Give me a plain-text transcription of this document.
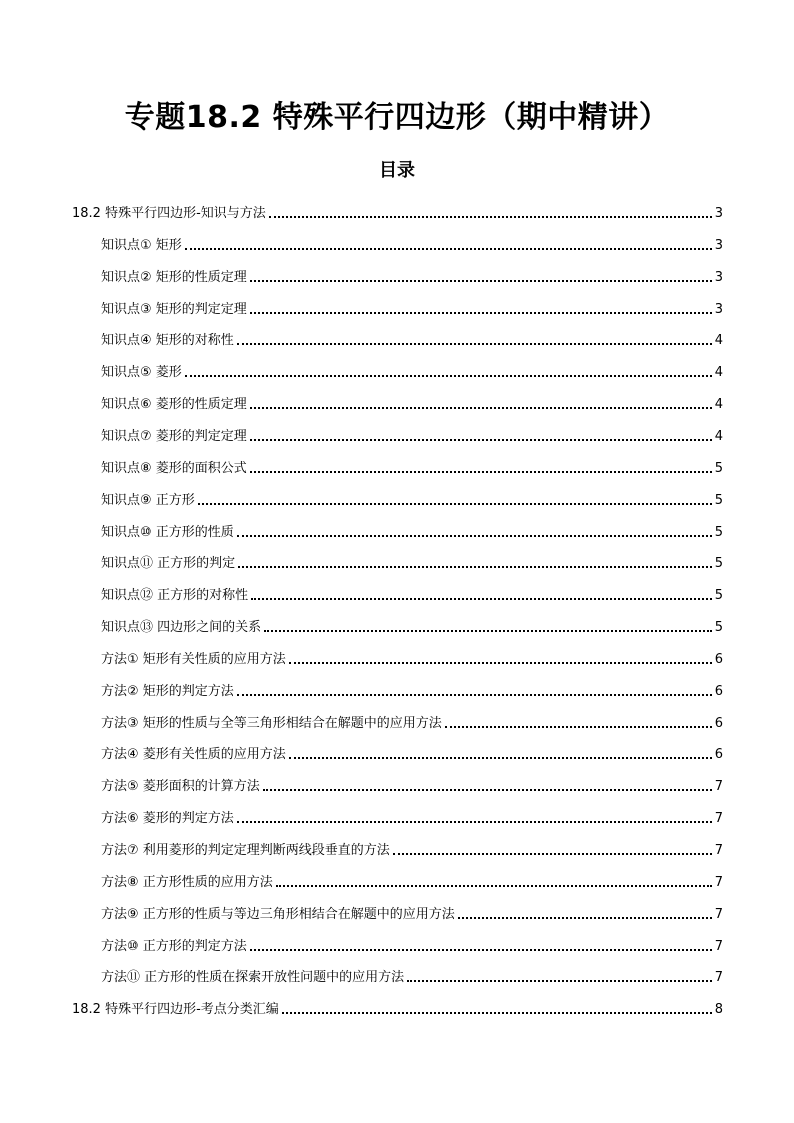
专题18.2 特殊平行四边形（期中精讲）
目录
18.2 特殊平行四边形-知识与方法	3
知识点① 矩形	3
知识点② 矩形的性质定理	3
知识点③ 矩形的判定定理	3
知识点④ 矩形的对称性	4
知识点⑤ 菱形	4
知识点⑥ 菱形的性质定理	4
知识点⑦ 菱形的判定定理	4
知识点⑧ 菱形的面积公式	5
知识点⑨ 正方形	5
知识点⑩ 正方形的性质	5
知识点⑪ 正方形的判定	5
知识点⑫ 正方形的对称性	5
知识点⑬ 四边形之间的关系	5
方法① 矩形有关性质的应用方法	6
方法② 矩形的判定方法	6
方法③ 矩形的性质与全等三角形相结合在解题中的应用方法	6
方法④ 菱形有关性质的应用方法	6
方法⑤ 菱形面积的计算方法	7
方法⑥ 菱形的判定方法	7
方法⑦ 利用菱形的判定定理判断两线段垂直的方法	7
方法⑧ 正方形性质的应用方法	7
方法⑨ 正方形的性质与等边三角形相结合在解题中的应用方法	7
方法⑩ 正方形的判定方法	7
方法⑪ 正方形的性质在探索开放性问题中的应用方法	7
18.2 特殊平行四边形-考点分类汇编	8
